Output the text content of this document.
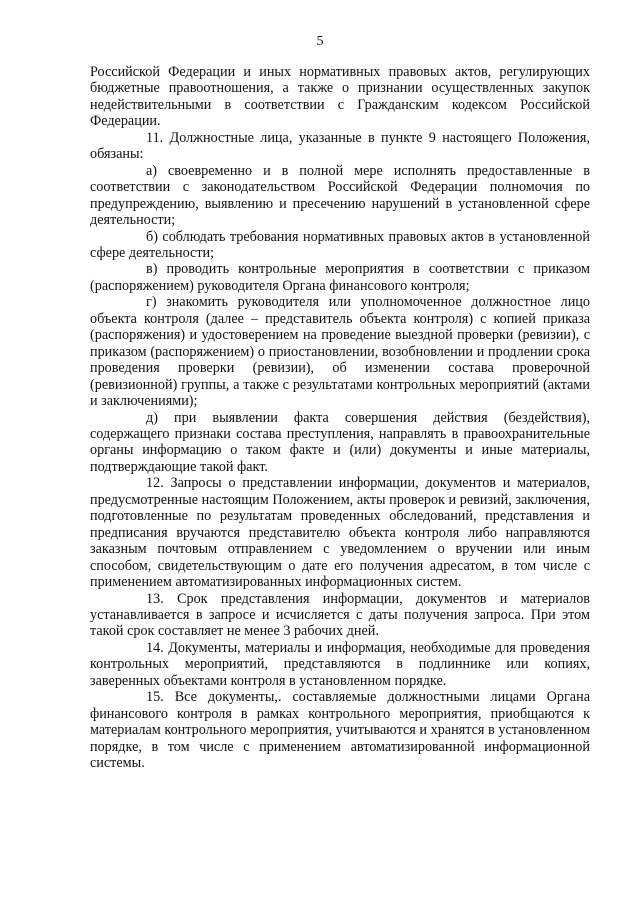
5

Российской Федерации и иных нормативных правовых актов, регулирующих бюджетные правоотношения, а также о признании осуществленных закупок недействительными в соответствии с Гражданским кодексом Российской Федерации.

11. Должностные лица, указанные в пункте 9 настоящего Положения, обязаны:

а) своевременно и в полной мере исполнять предоставленные в соответствии с законодательством Российской Федерации полномочия по предупреждению, выявлению и пресечению нарушений в установленной сфере деятельности;

б) соблюдать требования нормативных правовых актов в установленной сфере деятельности;

в) проводить контрольные мероприятия в соответствии с приказом (распоряжением) руководителя Органа финансового контроля;

г) знакомить руководителя или уполномоченное должностное лицо объекта контроля (далее – представитель объекта контроля) с копией приказа (распоряжения) и удостоверением на проведение выездной проверки (ревизии), с приказом (распоряжением) о приостановлении, возобновлении и продлении срока проведения проверки (ревизии), об изменении состава проверочной (ревизионной) группы, а также с результатами контрольных мероприятий (актами и заключениями);

д) при выявлении факта совершения действия (бездействия), содержащего признаки состава преступления, направлять в правоохранительные органы информацию о таком факте и (или) документы и иные материалы, подтверждающие такой факт.

12. Запросы о представлении информации, документов и материалов, предусмотренные настоящим Положением, акты проверок и ревизий, заключения, подготовленные по результатам проведенных обследований, представления и предписания вручаются представителю объекта контроля либо направляются заказным почтовым отправлением с уведомлением о вручении или иным способом, свидетельствующим о дате его получения адресатом, в том числе с применением автоматизированных информационных систем.

13. Срок представления информации, документов и материалов устанавливается в запросе и исчисляется с даты получения запроса. При этом такой срок составляет не менее 3 рабочих дней.

14. Документы, материалы и информация, необходимые для проведения контрольных мероприятий, представляются в подлиннике или копиях, заверенных объектами контроля в установленном порядке.

15. Все документы,. составляемые должностными лицами Органа финансового контроля в рамках контрольного мероприятия, приобщаются к материалам контрольного мероприятия, учитываются и хранятся в установленном порядке, в том числе с применением автоматизированной информационной системы.
